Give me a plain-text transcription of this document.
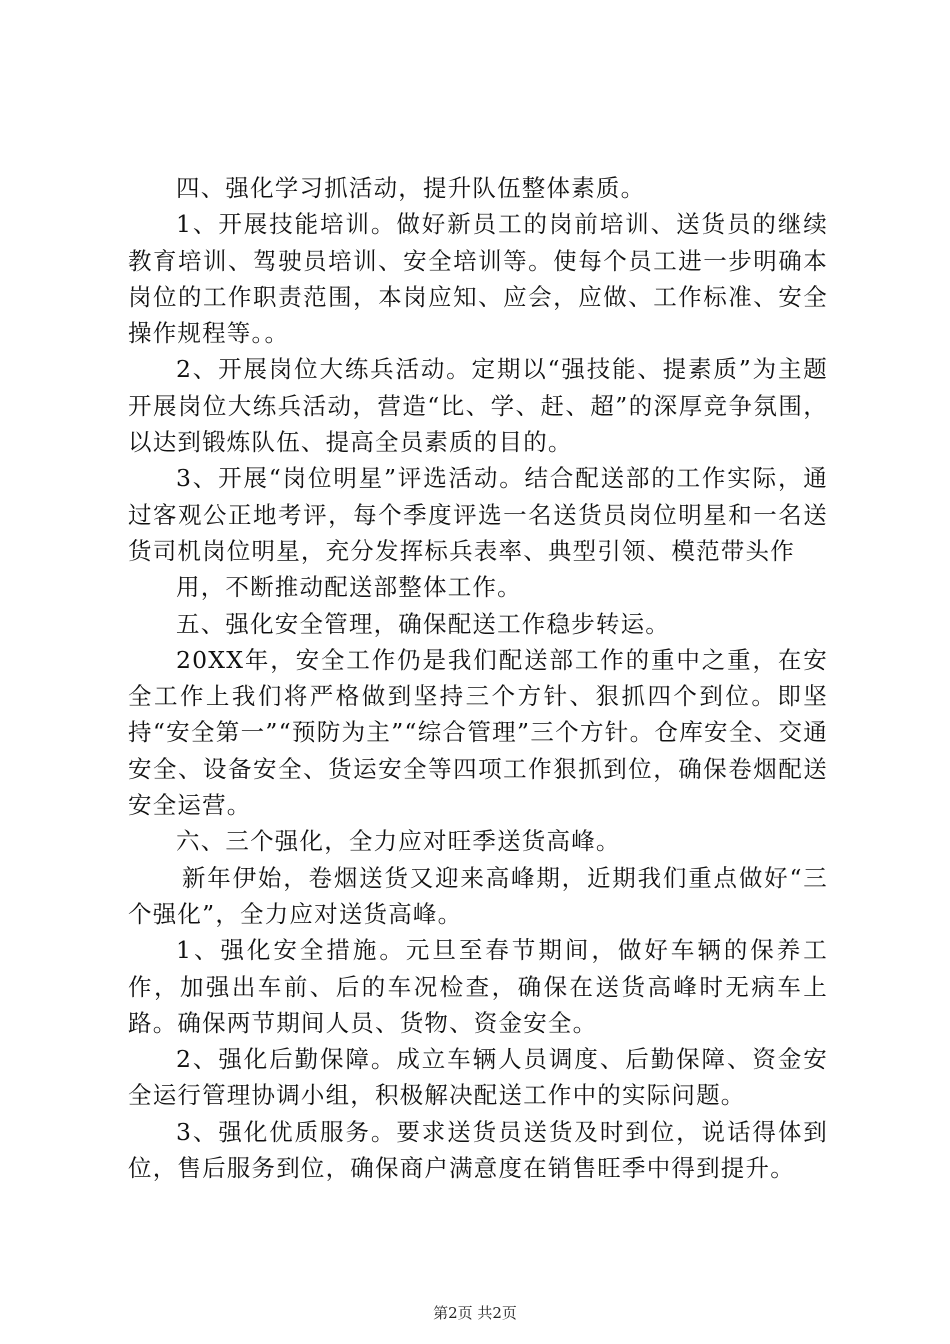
四、强化学习抓活动，提升队伍整体素质。

1、开展技能培训。做好新员工的岗前培训、送货员的继续教育培训、驾驶员培训、安全培训等。使每个员工进一步明确本岗位的工作职责范围，本岗应知、应会，应做、工作标准、安全操作规程等。。

2、开展岗位大练兵活动。定期以“强技能、提素质”为主题开展岗位大练兵活动，营造“比、学、赶、超”的深厚竞争氛围，以达到锻炼队伍、提高全员素质的目的。

3、开展“岗位明星”评选活动。结合配送部的工作实际，通过客观公正地考评，每个季度评选一名送货员岗位明星和一名送货司机岗位明星，充分发挥标兵表率、典型引领、模范带头作

用，不断推动配送部整体工作。

五、强化安全管理，确保配送工作稳步转运。

20XX年，安全工作仍是我们配送部工作的重中之重，在安全工作上我们将严格做到坚持三个方针、狠抓四个到位。即坚持“安全第一”“预防为主”“综合管理”三个方针。仓库安全、交通安全、设备安全、货运安全等四项工作狠抓到位，确保卷烟配送安全运营。

六、三个强化，全力应对旺季送货高峰。

新年伊始，卷烟送货又迎来高峰期，近期我们重点做好“三个强化”，全力应对送货高峰。

1、强化安全措施。元旦至春节期间，做好车辆的保养工作，加强出车前、后的车况检查，确保在送货高峰时无病车上路。确保两节期间人员、货物、资金安全。

2、强化后勤保障。成立车辆人员调度、后勤保障、资金安全运行管理协调小组，积极解决配送工作中的实际问题。

3、强化优质服务。要求送货员送货及时到位，说话得体到位，售后服务到位，确保商户满意度在销售旺季中得到提升。

第2页 共2页
